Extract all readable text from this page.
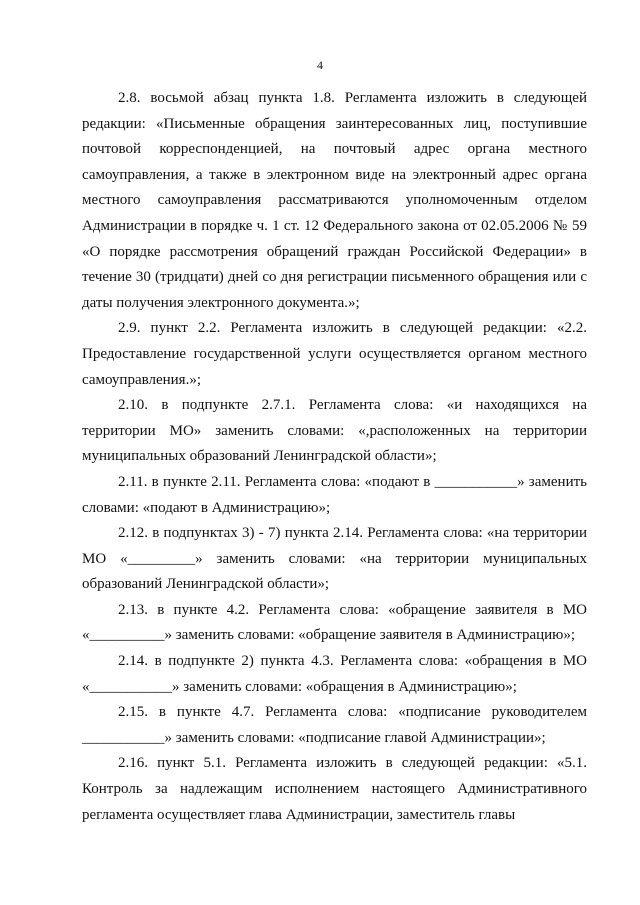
4

2.8. восьмой абзац пункта 1.8. Регламента изложить в следующей редакции: «Письменные обращения заинтересованных лиц, поступившие почтовой корреспонденцией, на почтовый адрес органа местного самоуправления, а также в электронном виде на электронный адрес органа местного самоуправления рассматриваются уполномоченным отделом Администрации в порядке ч. 1 ст. 12 Федерального закона от 02.05.2006 № 59 «О порядке рассмотрения обращений граждан Российской Федерации» в течение 30 (тридцати) дней со дня регистрации письменного обращения или с даты получения электронного документа.»;

2.9. пункт 2.2. Регламента изложить в следующей редакции: «2.2. Предоставление государственной услуги осуществляется органом местного самоуправления.»;

2.10. в подпункте 2.7.1. Регламента слова: «и находящихся на территории МО» заменить словами: «,расположенных на территории муниципальных образований Ленинградской области»;

2.11. в пункте 2.11. Регламента слова: «подают в ___________» заменить словами: «подают в Администрацию»;

2.12. в подпунктах 3) - 7) пункта 2.14. Регламента слова: «на территории МО «_________» заменить словами: «на территории муниципальных образований Ленинградской области»;

2.13. в пункте 4.2. Регламента слова: «обращение заявителя в МО «__________» заменить словами: «обращение заявителя в Администрацию»;

2.14. в подпункте 2) пункта 4.3. Регламента слова: «обращения в МО «___________» заменить словами: «обращения в Администрацию»;

2.15. в пункте 4.7. Регламента слова: «подписание руководителем ___________» заменить словами: «подписание главой Администрации»;

2.16. пункт 5.1. Регламента изложить в следующей редакции: «5.1. Контроль за надлежащим исполнением настоящего Административного регламента осуществляет глава Администрации, заместитель главы
